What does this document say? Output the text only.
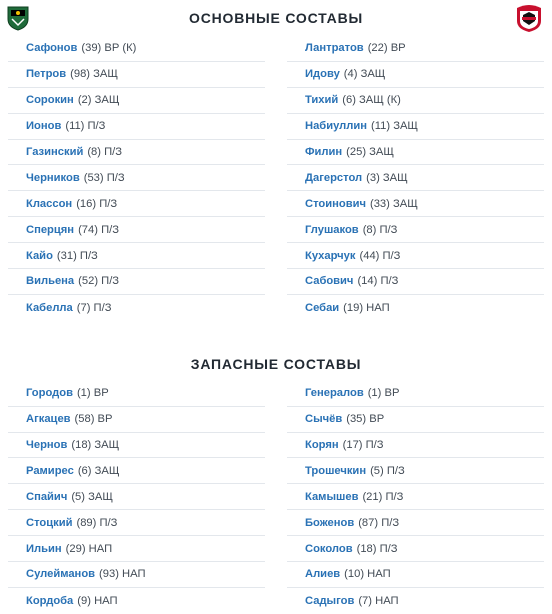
ОСНОВНЫЕ СОСТАВЫ
Сафонов (39) ВР (К)
Петров (98) ЗАЩ
Сорокин (2) ЗАЩ
Ионов (11) П/З
Газинский (8) П/З
Черников (53) П/З
Классон (16) П/З
Сперцян (74) П/З
Кайо (31) П/З
Вильена (52) П/З
Кабелла (7) П/З
Лантратов (22) ВР
Идову (4) ЗАЩ
Тихий (6) ЗАЩ (К)
Набиуллин (11) ЗАЩ
Филин (25) ЗАЩ
Дагерстол (3) ЗАЩ
Стоинович (33) ЗАЩ
Глушаков (8) П/З
Кухарчук (44) П/З
Сабович (14) П/З
Себаи (19) НАП
ЗАПАСНЫЕ СОСТАВЫ
Городов (1) ВР
Агкацев (58) ВР
Чернов (18) ЗАЩ
Рамирес (6) ЗАЩ
Спайич (5) ЗАЩ
Стоцкий (89) П/З
Ильин (29) НАП
Сулейманов (93) НАП
Кордоба (9) НАП
Генералов (1) ВР
Сычёв (35) ВР
Корян (17) П/З
Трошечкин (5) П/З
Камышев (21) П/З
Боженов (87) П/З
Соколов (18) П/З
Алиев (10) НАП
Садыгов (7) НАП
